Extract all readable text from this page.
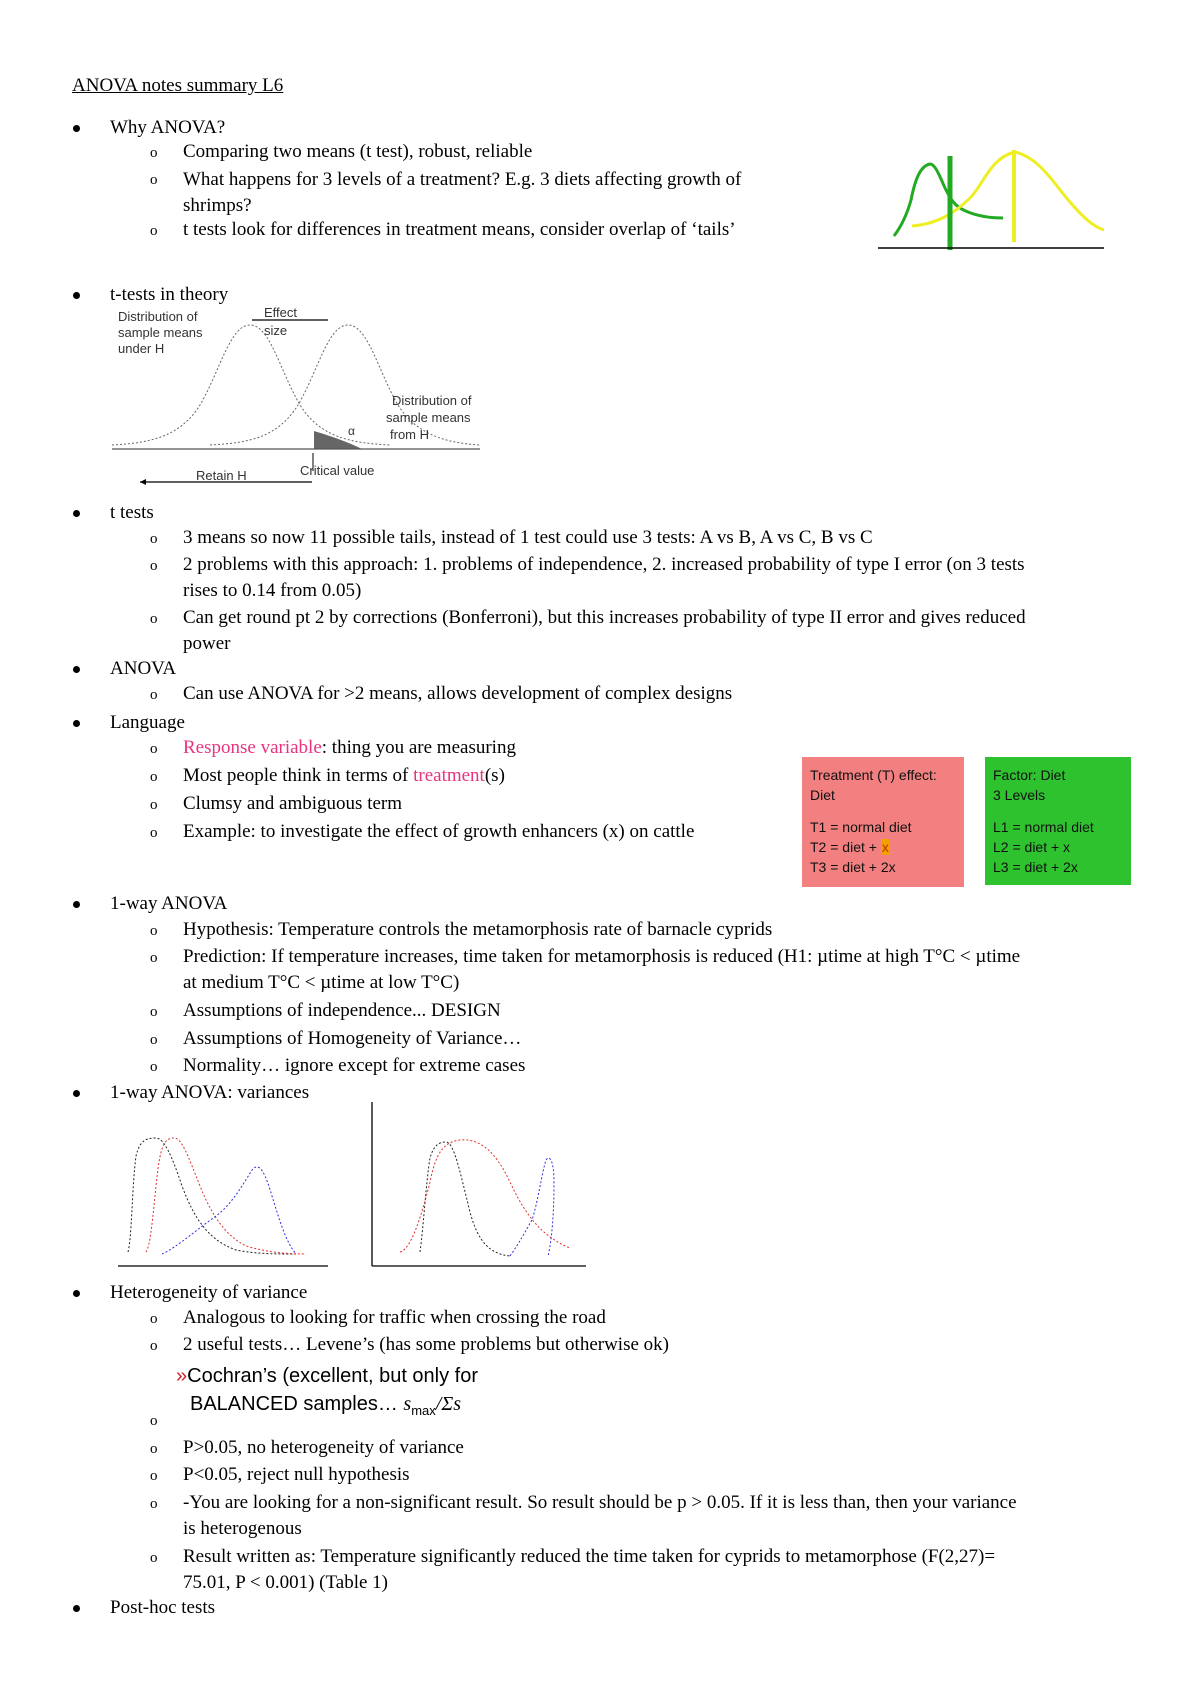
ANOVA notes summary L6
Why ANOVA?
o Comparing two means (t test), robust, reliable
o What happens for 3 levels of a treatment? E.g. 3 diets affecting growth of
shrimps?
o t tests look for differences in treatment means, consider overlap of ‘tails’
t-tests in theory
Distribution of
sample means
under H
Effect
size
Distribution of
sample means
from H
α
Retain H	Critical value
t tests
o 3 means so now 11 possible tails, instead of 1 test could use 3 tests: A vs B, A vs C, B vs C
o 2 problems with this approach: 1. problems of independence, 2. increased probability of type I error (on 3 tests
rises to 0.14 from 0.05)
o Can get round pt 2 by corrections (Bonferroni), but this increases probability of type II error and gives reduced
power
ANOVA
o Can use ANOVA for >2 means, allows development of complex designs
Language
o Response variable: thing you are measuring
o Most people think in terms of treatment(s)
o Clumsy and ambiguous term
o Example: to investigate the effect of growth enhancers (x) on cattle
Treatment (T) effect:
Diet
T1 = normal diet
T2 = diet + x
T3 = diet + 2x
Factor: Diet
3 Levels
L1 = normal diet
L2 = diet + x
L3 = diet + 2x
1-way ANOVA
o Hypothesis: Temperature controls the metamorphosis rate of barnacle cyprids
o Prediction: If temperature increases, time taken for metamorphosis is reduced (H1: µtime at high T°C < µtime
at medium T°C < µtime at low T°C)
o Assumptions of independence... DESIGN
o Assumptions of Homogeneity of Variance…
o Normality… ignore except for extreme cases
1-way ANOVA: variances
Heterogeneity of variance
o Analogous to looking for traffic when crossing the road
o 2 useful tests… Levene’s (has some problems but otherwise ok)
»Cochran’s (excellent, but only for
BALANCED samples… $s_{max}/\Sigma s$
o
o P>0.05, no heterogeneity of variance
o P<0.05, reject null hypothesis
o -You are looking for a non-significant result. So result should be p > 0.05. If it is less than, then your variance
is heterogenous
o Result written as: Temperature significantly reduced the time taken for cyprids to metamorphose (F(2,27)=
75.01, P < 0.001) (Table 1)
Post-hoc tests
